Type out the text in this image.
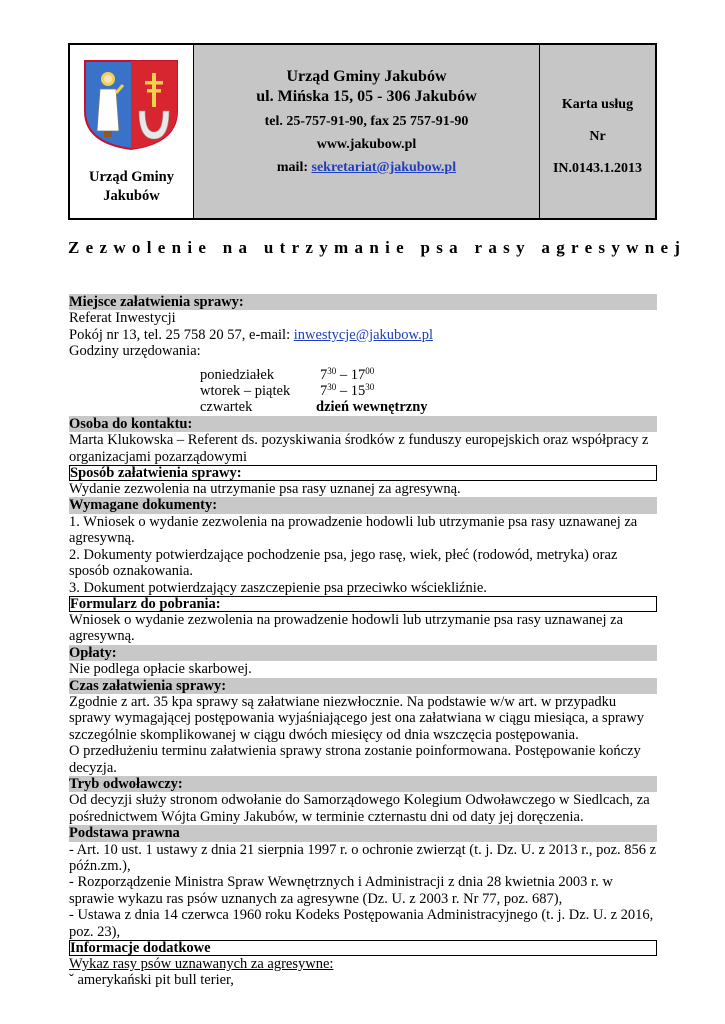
Urząd Gminy Jakubów
Urząd Gminy Jakubów
ul. Mińska 15, 05 - 306 Jakubów
tel. 25-757-91-90, fax 25 757-91-90
www.jakubow.pl
mail: sekretariat@jakubow.pl
Karta usług
Nr
IN.0143.1.2013
Zezwolenie na utrzymanie psa rasy agresywnej
Miejsce załatwienia sprawy:
Referat Inwestycji
Pokój nr 13, tel. 25 758 20 57, e-mail: inwestycje@jakubow.pl
Godziny urzędowania:
poniedziałek	$7^{30} - 17^{00}$
wtorek – piątek	$7^{30} - 15^{30}$
czwartek	dzień wewnętrzny
Osoba do kontaktu:
Marta Klukowska – Referent ds. pozyskiwania środków z funduszy europejskich oraz współpracy z organizacjami pozarządowymi
Sposób załatwienia sprawy:
Wydanie zezwolenia na utrzymanie psa rasy uznanej za agresywną.
Wymagane dokumenty:
1. Wniosek o wydanie zezwolenia na prowadzenie hodowli lub utrzymanie psa rasy uznawanej za agresywną.
2. Dokumenty potwierdzające pochodzenie psa, jego rasę, wiek, płeć (rodowód, metryka) oraz sposób oznakowania.
3. Dokument potwierdzający zaszczepienie psa przeciwko wściekliźnie.
Formularz do pobrania:
Wniosek o wydanie zezwolenia na prowadzenie hodowli lub utrzymanie psa rasy uznawanej za agresywną.
Opłaty:
Nie podlega opłacie skarbowej.
Czas załatwienia sprawy:
Zgodnie z art. 35 kpa sprawy są załatwiane niezwłocznie. Na podstawie w/w art. w przypadku sprawy wymagającej postępowania wyjaśniającego jest ona załatwiana w ciągu miesiąca, a sprawy szczególnie skomplikowanej w ciągu dwóch miesięcy od dnia wszczęcia postępowania.
O przedłużeniu terminu załatwienia sprawy strona zostanie poinformowana. Postępowanie kończy decyzja.
Tryb odwoławczy:
Od decyzji służy stronom odwołanie do Samorządowego Kolegium Odwoławczego w Siedlcach, za pośrednictwem Wójta Gminy Jakubów, w terminie czternastu dni od daty jej doręczenia.
Podstawa prawna
- Art. 10 ust. 1 ustawy z dnia 21 sierpnia 1997 r. o ochronie zwierząt (t. j. Dz. U. z 2013 r., poz. 856 z późn.zm.),
- Rozporządzenie Ministra Spraw Wewnętrznych i Administracji z dnia 28 kwietnia 2003 r. w sprawie wykazu ras psów uznanych za agresywne (Dz. U. z 2003 r. Nr 77, poz. 687),
- Ustawa z dnia 14 czerwca 1960 roku Kodeks Postępowania Administracyjnego (t. j. Dz. U. z 2016, poz. 23),
Informacje dodatkowe
Wykaz rasy psów uznawanych za agresywne:
ˇ amerykański pit bull terier,
